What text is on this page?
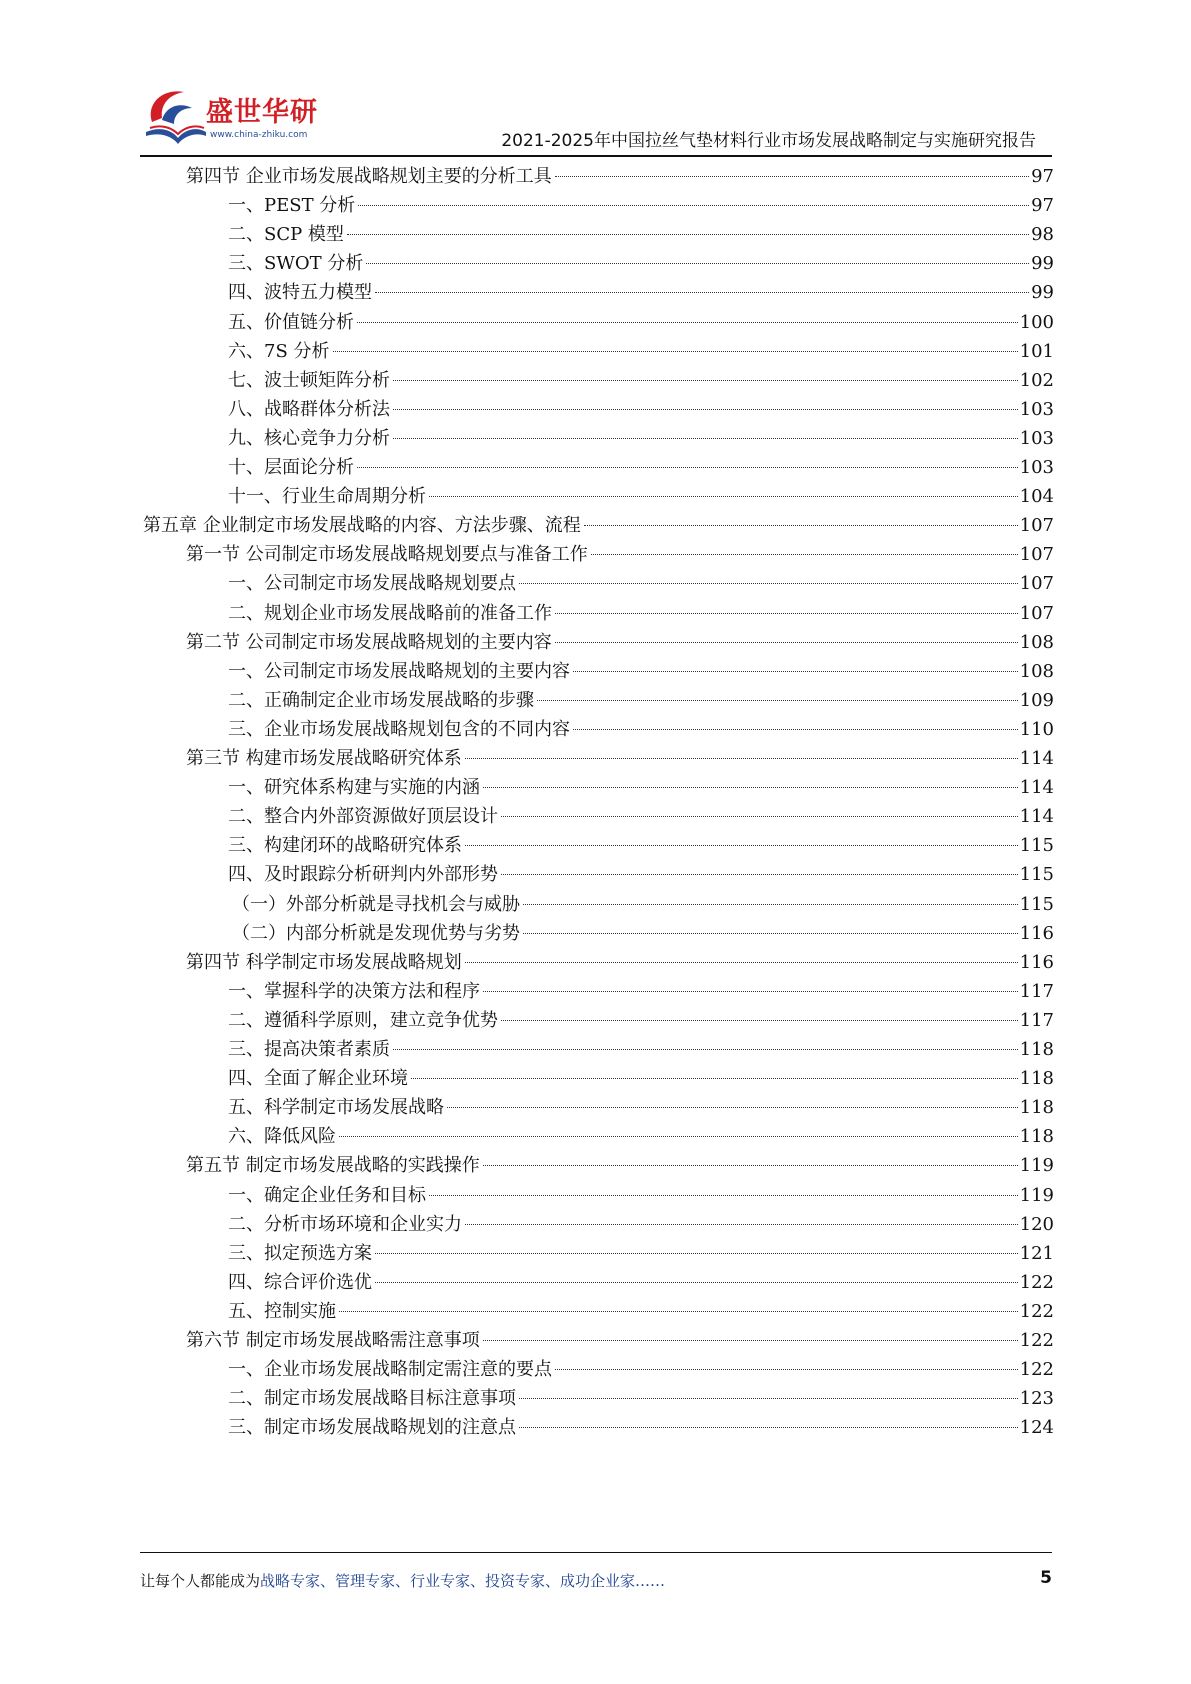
盛世华研
www.china-zhiku.com	2021-2025年中国拉丝气垫材料行业市场发展战略制定与实施研究报告
第四节 企业市场发展战略规划主要的分析工具	97
一、PEST 分析	97
二、SCP 模型	98
三、SWOT 分析	99
四、波特五力模型	99
五、价值链分析	100
六、7S 分析	101
七、波士顿矩阵分析	102
八、战略群体分析法	103
九、核心竞争力分析	103
十、层面论分析	103
十一、行业生命周期分析	104
第五章 企业制定市场发展战略的内容、方法步骤、流程	107
第一节 公司制定市场发展战略规划要点与准备工作	107
一、公司制定市场发展战略规划要点	107
二、规划企业市场发展战略前的准备工作	107
第二节 公司制定市场发展战略规划的主要内容	108
一、公司制定市场发展战略规划的主要内容	108
二、正确制定企业市场发展战略的步骤	109
三、企业市场发展战略规划包含的不同内容	110
第三节 构建市场发展战略研究体系	114
一、研究体系构建与实施的内涵	114
二、整合内外部资源做好顶层设计	114
三、构建闭环的战略研究体系	115
四、及时跟踪分析研判内外部形势	115
（一）外部分析就是寻找机会与威胁	115
（二）内部分析就是发现优势与劣势	116
第四节 科学制定市场发展战略规划	116
一、掌握科学的决策方法和程序	117
二、遵循科学原则，建立竞争优势	117
三、提高决策者素质	118
四、全面了解企业环境	118
五、科学制定市场发展战略	118
六、降低风险	118
第五节 制定市场发展战略的实践操作	119
一、确定企业任务和目标	119
二、分析市场环境和企业实力	120
三、拟定预选方案	121
四、综合评价选优	122
五、控制实施	122
第六节 制定市场发展战略需注意事项	122
一、企业市场发展战略制定需注意的要点	122
二、制定市场发展战略目标注意事项	123
三、制定市场发展战略规划的注意点	124
让每个人都能成为战略专家、管理专家、行业专家、投资专家、成功企业家……	5
